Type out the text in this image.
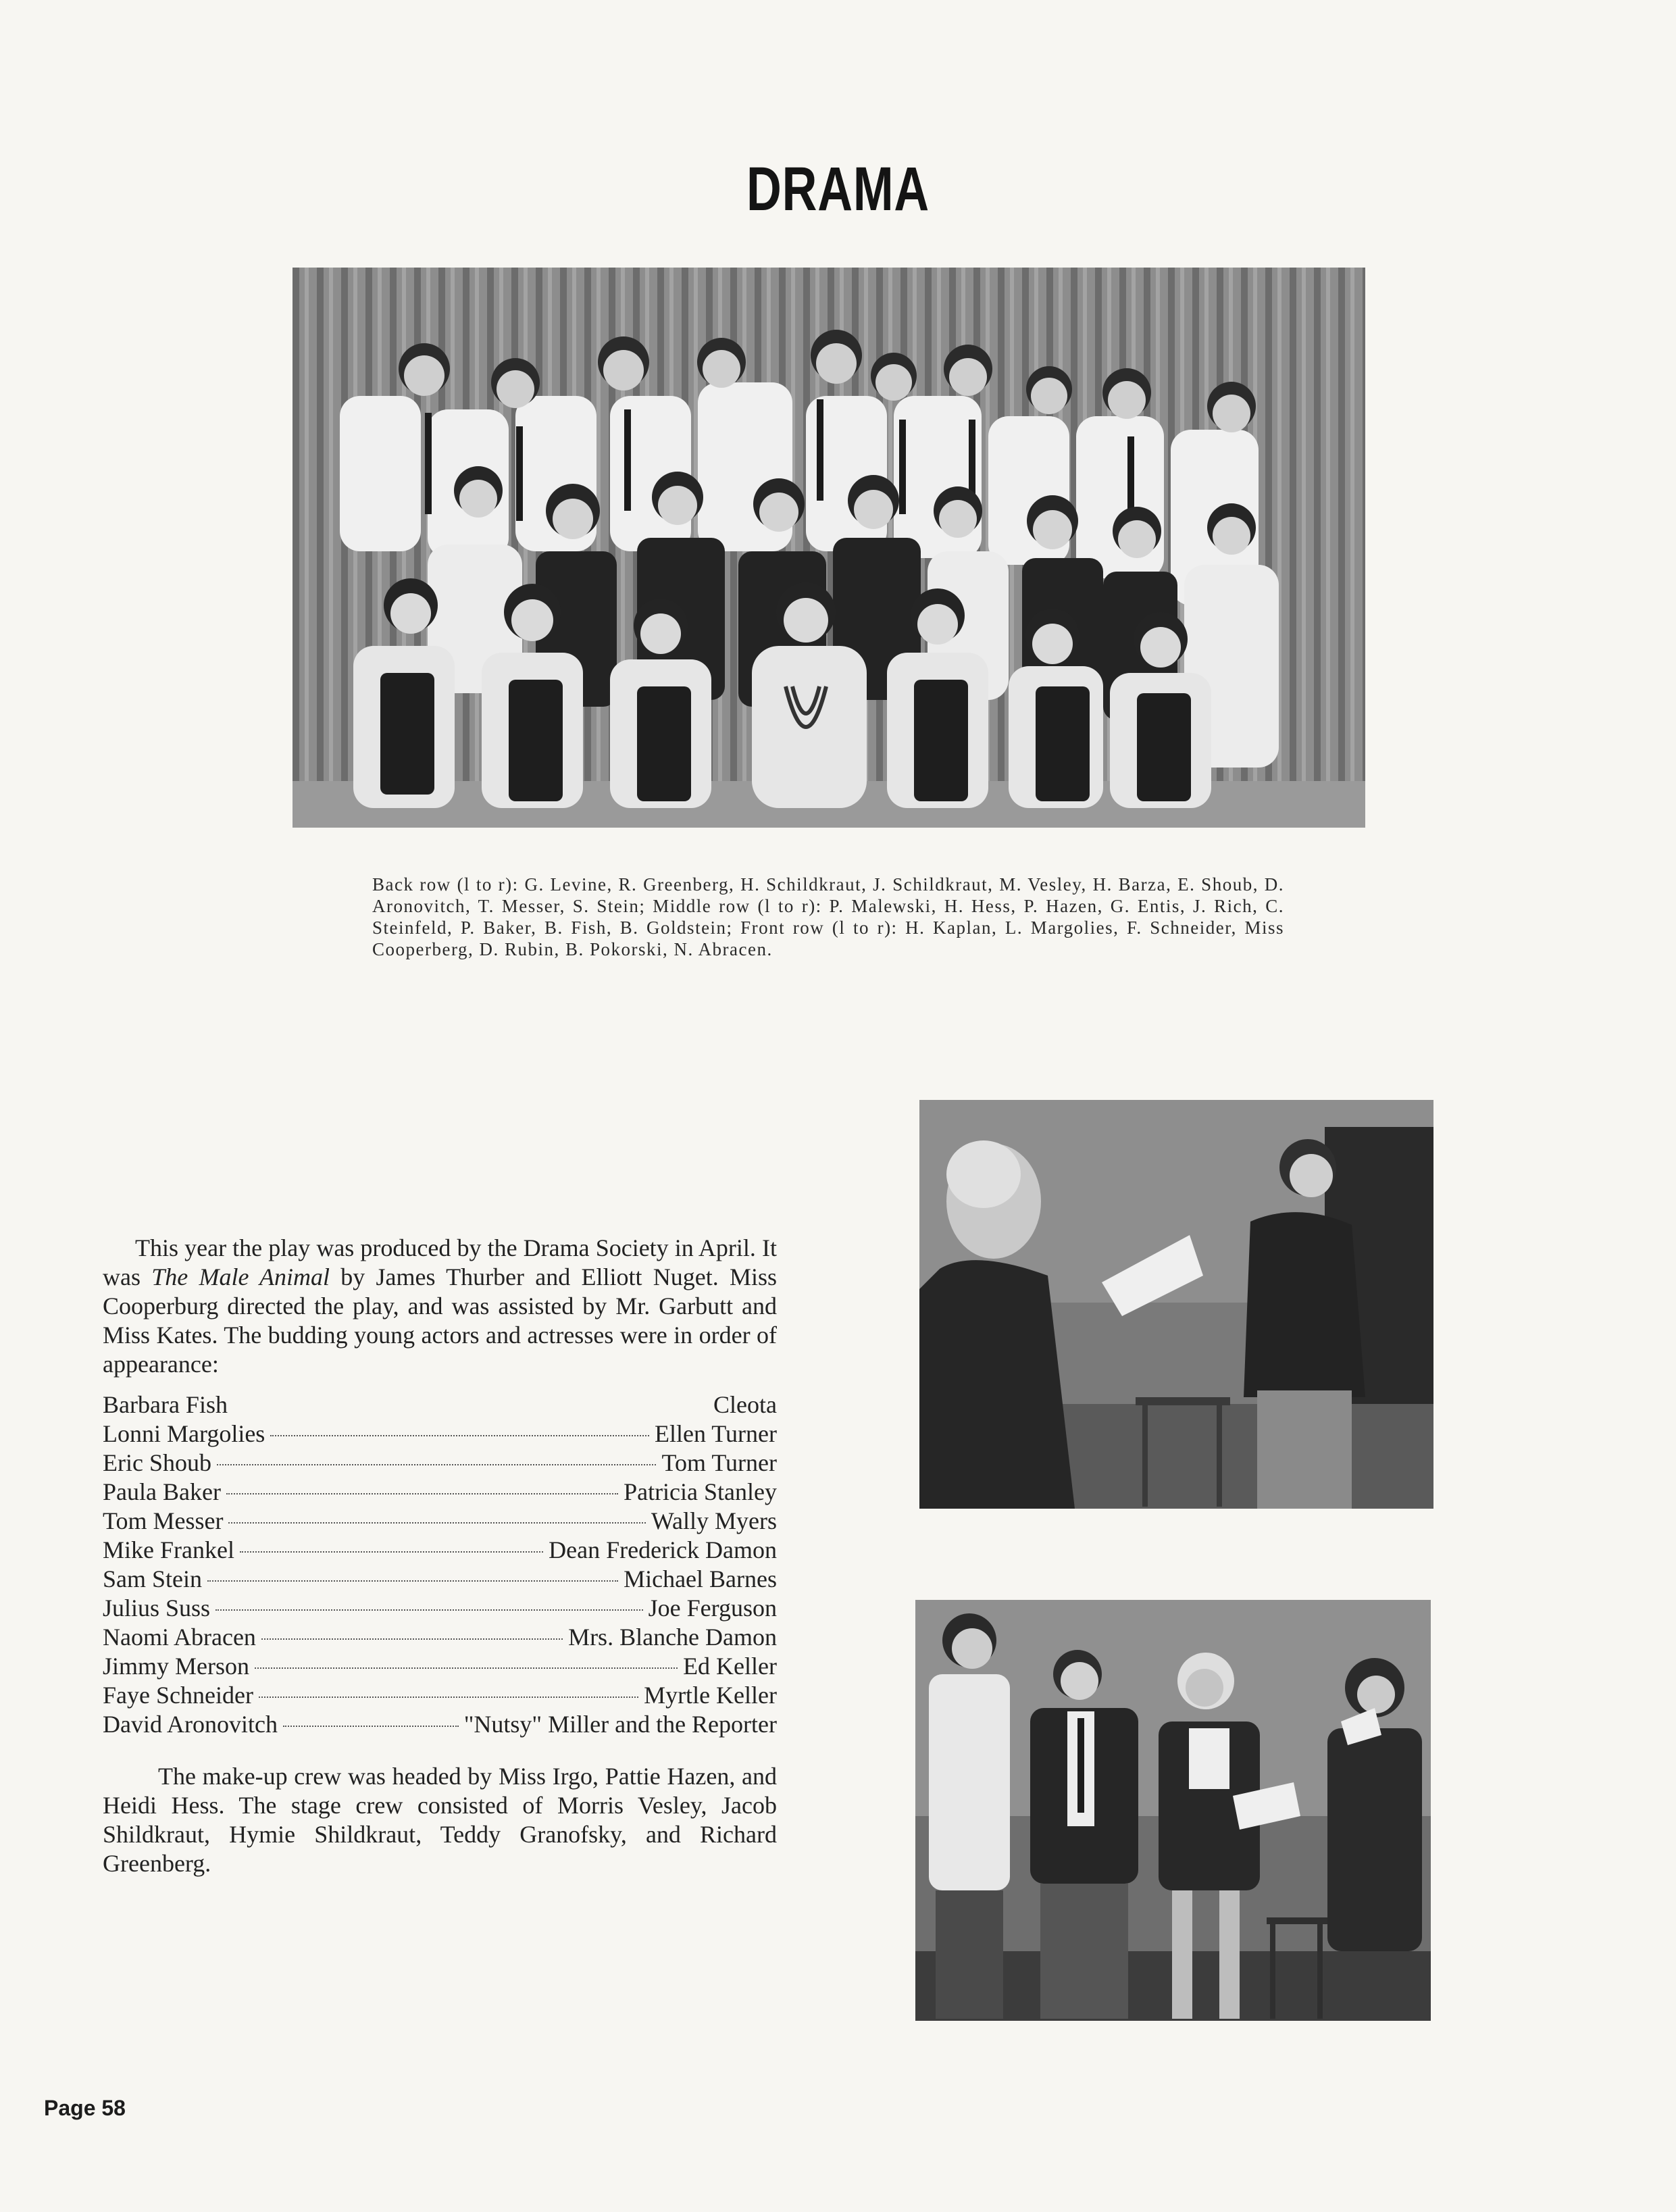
DRAMA
Back row (l to r): G. Levine, R. Greenberg, H. Schildkraut, J. Schildkraut, M. Vesley, H. Barza, E. Shoub, D. Aronovitch, T. Messer, S. Stein; Middle row (l to r): P. Malewski, H. Hess, P. Hazen, G. Entis, J. Rich, C. Steinfeld, P. Baker, B. Fish, B. Goldstein; Front row (l to r): H. Kaplan, L. Margolies, F. Schneider, Miss Cooperberg, D. Rubin, B. Pokorski, N. Abracen.

This year the play was produced by the Drama Society in April. It was The Male Animal by James Thurber and Elliott Nuget. Miss Cooperburg directed the play, and was assisted by Mr. Garbutt and Miss Kates. The budding young actors and actresses were in order of appearance:

Barbara Fish	Cleota
Lonni Margolies	Ellen Turner
Eric Shoub	Tom Turner
Paula Baker	Patricia Stanley
Tom Messer	Wally Myers
Mike Frankel	Dean Frederick Damon
Sam Stein	Michael Barnes
Julius Suss	Joe Ferguson
Naomi Abracen	Mrs. Blanche Damon
Jimmy Merson	Ed Keller
Faye Schneider	Myrtle Keller
David Aronovitch	"Nutsy" Miller and the Reporter

The make-up crew was headed by Miss Irgo, Pattie Hazen, and Heidi Hess. The stage crew consisted of Morris Vesley, Jacob Shildkraut, Hymie Shildkraut, Teddy Granofsky, and Richard Greenberg.

Page 58
